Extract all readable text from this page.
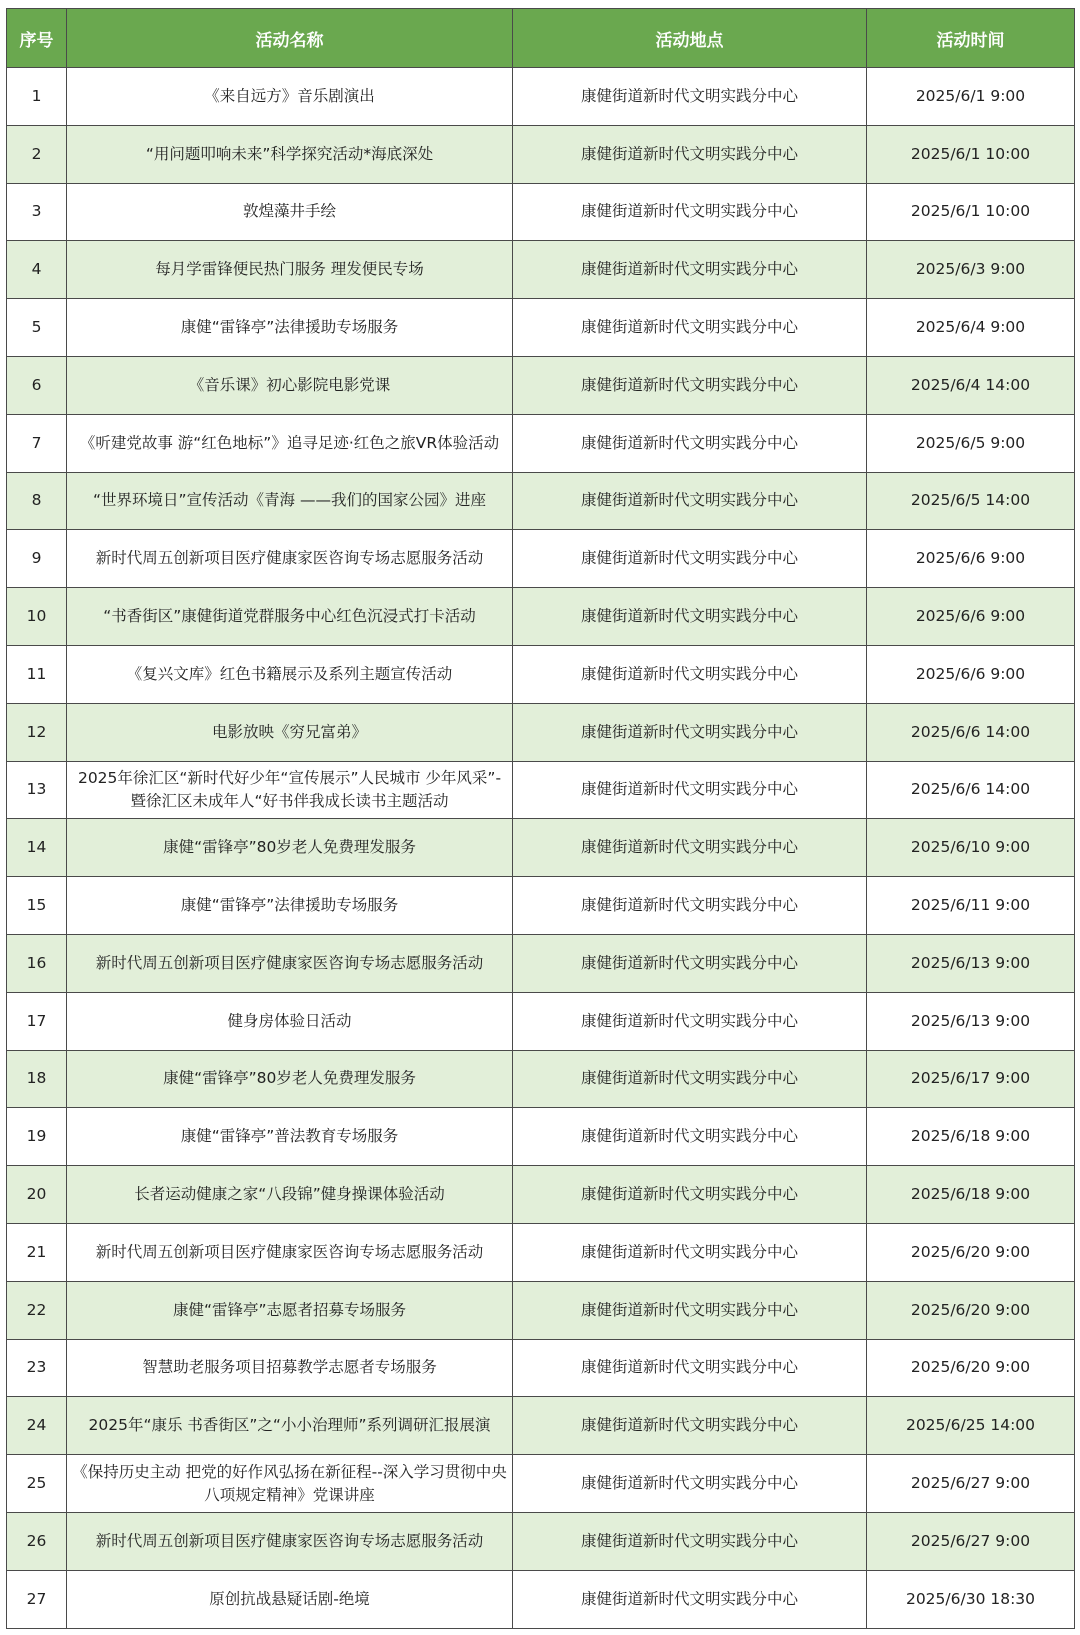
序号	活动名称	活动地点	活动时间
1	《来自远方》音乐剧演出	康健街道新时代文明实践分中心	2025/6/1 9:00
2	“用问题叩响未来”科学探究活动*海底深处	康健街道新时代文明实践分中心	2025/6/1 10:00
3	敦煌藻井手绘	康健街道新时代文明实践分中心	2025/6/1 10:00
4	每月学雷锋便民热门服务 理发便民专场	康健街道新时代文明实践分中心	2025/6/3 9:00
5	康健“雷锋亭”法律援助专场服务	康健街道新时代文明实践分中心	2025/6/4 9:00
6	《音乐课》初心影院电影党课	康健街道新时代文明实践分中心	2025/6/4 14:00
7	《听建党故事 游“红色地标”》追寻足迹·红色之旅VR体验活动	康健街道新时代文明实践分中心	2025/6/5 9:00
8	“世界环境日”宣传活动《青海 ——我们的国家公园》进座	康健街道新时代文明实践分中心	2025/6/5 14:00
9	新时代周五创新项目医疗健康家医咨询专场志愿服务活动	康健街道新时代文明实践分中心	2025/6/6 9:00
10	“书香街区”康健街道党群服务中心红色沉浸式打卡活动	康健街道新时代文明实践分中心	2025/6/6 9:00
11	《复兴文库》红色书籍展示及系列主题宣传活动	康健街道新时代文明实践分中心	2025/6/6 9:00
12	电影放映《穷兄富弟》	康健街道新时代文明实践分中心	2025/6/6 14:00
13	2025年徐汇区“新时代好少年“宣传展示”人民城市 少年风采”-暨徐汇区未成年人“好书伴我成长读书主题活动	康健街道新时代文明实践分中心	2025/6/6 14:00
14	康健“雷锋亭”80岁老人免费理发服务	康健街道新时代文明实践分中心	2025/6/10 9:00
15	康健“雷锋亭”法律援助专场服务	康健街道新时代文明实践分中心	2025/6/11 9:00
16	新时代周五创新项目医疗健康家医咨询专场志愿服务活动	康健街道新时代文明实践分中心	2025/6/13 9:00
17	健身房体验日活动	康健街道新时代文明实践分中心	2025/6/13 9:00
18	康健“雷锋亭”80岁老人免费理发服务	康健街道新时代文明实践分中心	2025/6/17 9:00
19	康健“雷锋亭”普法教育专场服务	康健街道新时代文明实践分中心	2025/6/18 9:00
20	长者运动健康之家“八段锦”健身操课体验活动	康健街道新时代文明实践分中心	2025/6/18 9:00
21	新时代周五创新项目医疗健康家医咨询专场志愿服务活动	康健街道新时代文明实践分中心	2025/6/20 9:00
22	康健“雷锋亭”志愿者招募专场服务	康健街道新时代文明实践分中心	2025/6/20 9:00
23	智慧助老服务项目招募教学志愿者专场服务	康健街道新时代文明实践分中心	2025/6/20 9:00
24	2025年“康乐 书香街区”之“小小治理师”系列调研汇报展演	康健街道新时代文明实践分中心	2025/6/25 14:00
25	《保持历史主动 把党的好作风弘扬在新征程--深入学习贯彻中央八项规定精神》党课讲座	康健街道新时代文明实践分中心	2025/6/27 9:00
26	新时代周五创新项目医疗健康家医咨询专场志愿服务活动	康健街道新时代文明实践分中心	2025/6/27 9:00
27	原创抗战悬疑话剧-绝境	康健街道新时代文明实践分中心	2025/6/30 18:30
